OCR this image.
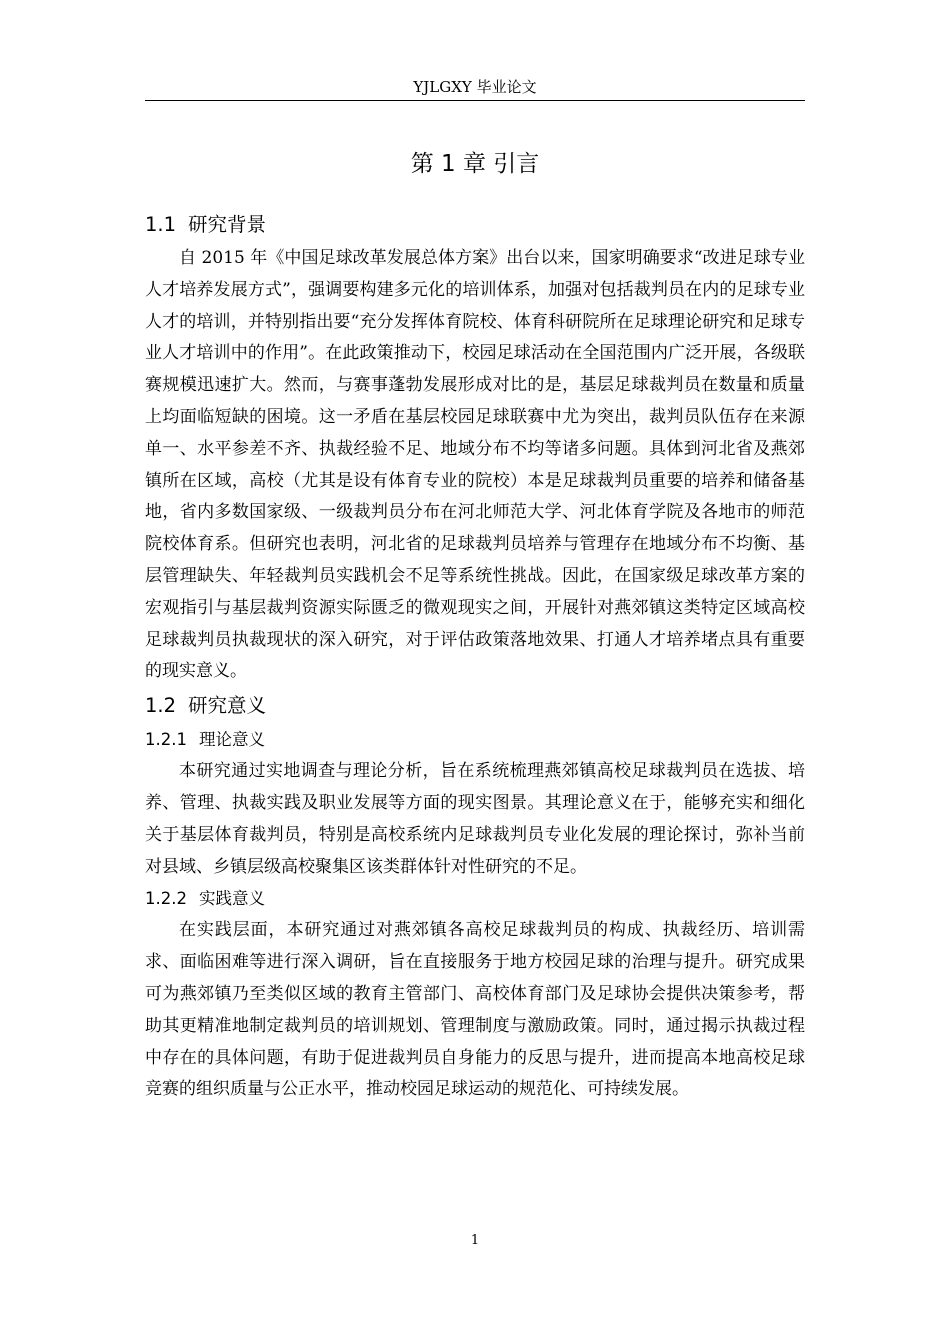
YJLGXY 毕业论文
第 1 章 引言
1.1 研究背景

自 2015 年《中国足球改革发展总体方案》出台以来，国家明确要求“改进足球专业人才培养发展方式”，强调要构建多元化的培训体系，加强对包括裁判员在内的足球专业人才的培训，并特别指出要“充分发挥体育院校、体育科研院所在足球理论研究和足球专业人才培训中的作用”。在此政策推动下，校园足球活动在全国范围内广泛开展，各级联赛规模迅速扩大。然而，与赛事蓬勃发展形成对比的是，基层足球裁判员在数量和质量上均面临短缺的困境。这一矛盾在基层校园足球联赛中尤为突出，裁判员队伍存在来源单一、水平参差不齐、执裁经验不足、地域分布不均等诸多问题。具体到河北省及燕郊镇所在区域，高校（尤其是设有体育专业的院校）本是足球裁判员重要的培养和储备基地，省内多数国家级、一级裁判员分布在河北师范大学、河北体育学院及各地市的师范院校体育系。但研究也表明，河北省的足球裁判员培养与管理存在地域分布不均衡、基层管理缺失、年轻裁判员实践机会不足等系统性挑战。因此，在国家级足球改革方案的宏观指引与基层裁判资源实际匮乏的微观现实之间，开展针对燕郊镇这类特定区域高校足球裁判员执裁现状的深入研究，对于评估政策落地效果、打通人才培养堵点具有重要的现实意义。

1.2 研究意义
1.2.1 理论意义

本研究通过实地调查与理论分析，旨在系统梳理燕郊镇高校足球裁判员在选拔、培养、管理、执裁实践及职业发展等方面的现实图景。其理论意义在于，能够充实和细化关于基层体育裁判员，特别是高校系统内足球裁判员专业化发展的理论探讨，弥补当前对县域、乡镇层级高校聚集区该类群体针对性研究的不足。

1.2.2 实践意义

在实践层面，本研究通过对燕郊镇各高校足球裁判员的构成、执裁经历、培训需求、面临困难等进行深入调研，旨在直接服务于地方校园足球的治理与提升。研究成果可为燕郊镇乃至类似区域的教育主管部门、高校体育部门及足球协会提供决策参考，帮助其更精准地制定裁判员的培训规划、管理制度与激励政策。同时，通过揭示执裁过程中存在的具体问题，有助于促进裁判员自身能力的反思与提升，进而提高本地高校足球竞赛的组织质量与公正水平，推动校园足球运动的规范化、可持续发展。

1
